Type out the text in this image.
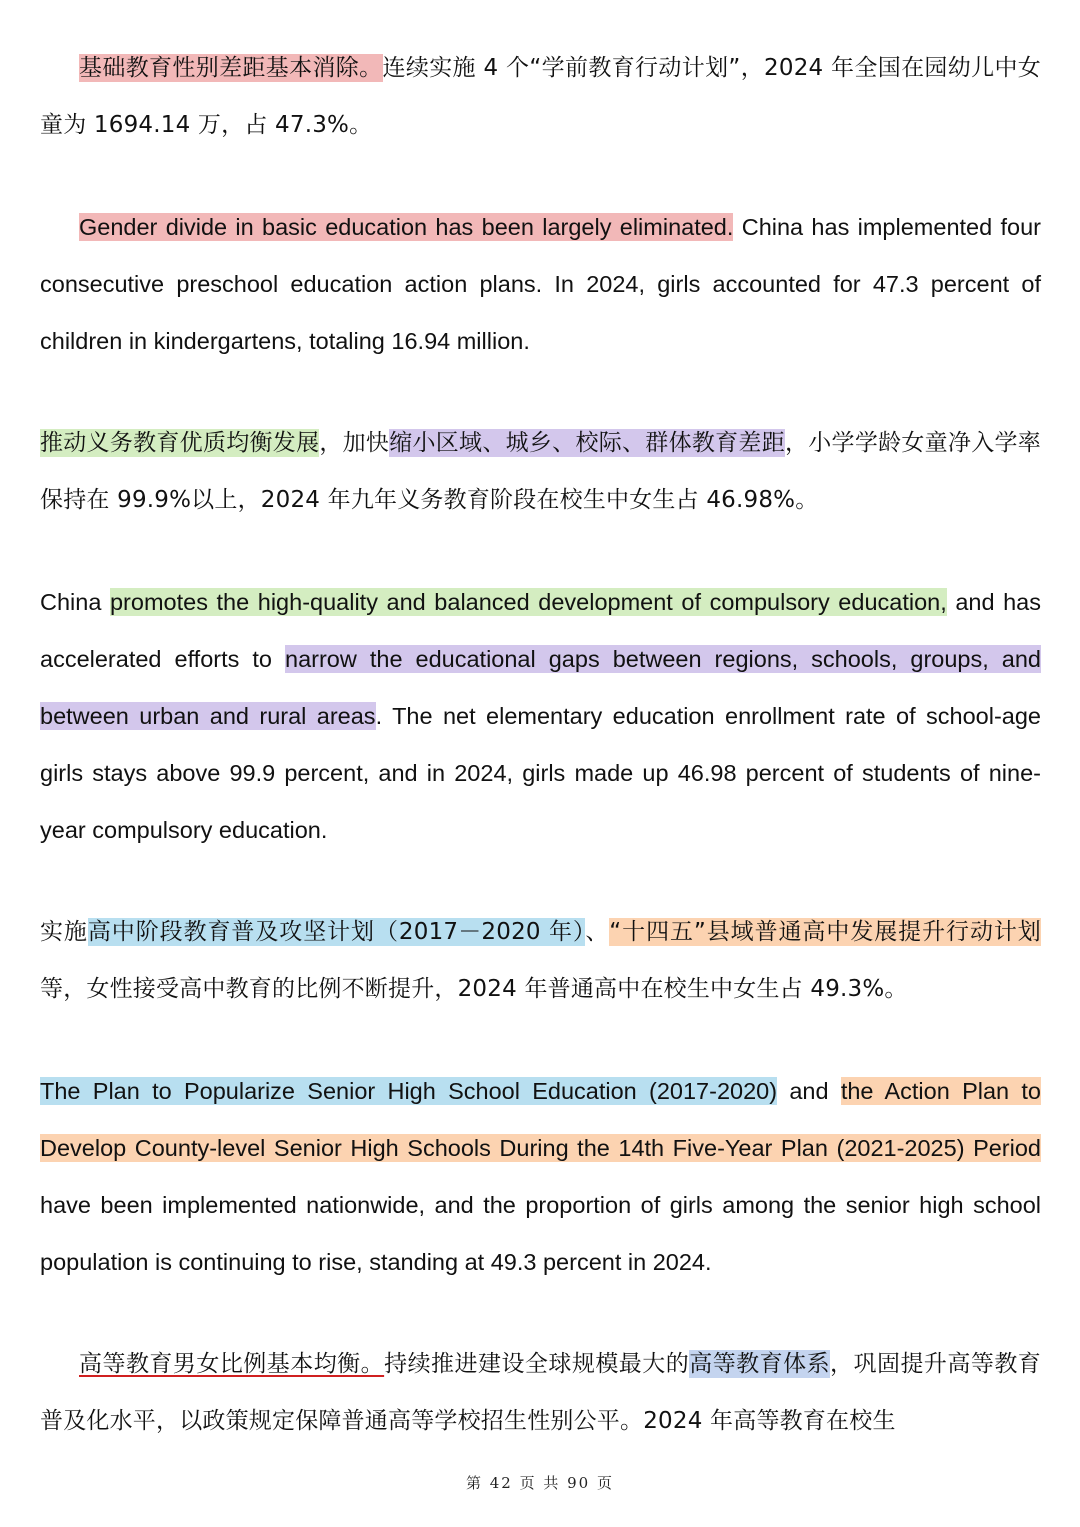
基础教育性别差距基本消除。连续实施 4 个“学前教育行动计划”，2024 年全国在园幼儿中女童为 1694.14 万，占 47.3%。

Gender divide in basic education has been largely eliminated. China has implemented four consecutive preschool education action plans. In 2024, girls accounted for 47.3 percent of children in kindergartens, totaling 16.94 million.

推动义务教育优质均衡发展，加快缩小区域、城乡、校际、群体教育差距，小学学龄女童净入学率保持在 99.9%以上，2024 年九年义务教育阶段在校生中女生占 46.98%。

China promotes the high-quality and balanced development of compulsory education, and has accelerated efforts to narrow the educational gaps between regions, schools, groups, and between urban and rural areas. The net elementary education enrollment rate of school-age girls stays above 99.9 percent, and in 2024, girls made up 46.98 percent of students of nine-year compulsory education.

实施高中阶段教育普及攻坚计划（2017－2020 年）、“十四五”县域普通高中发展提升行动计划等，女性接受高中教育的比例不断提升，2024 年普通高中在校生中女生占 49.3%。

The Plan to Popularize Senior High School Education (2017-2020) and the Action Plan to Develop County-level Senior High Schools During the 14th Five-Year Plan (2021-2025) Period have been implemented nationwide, and the proportion of girls among the senior high school population is continuing to rise, standing at 49.3 percent in 2024.

高等教育男女比例基本均衡。持续推进建设全球规模最大的高等教育体系，巩固提升高等教育普及化水平，以政策规定保障普通高等学校招生性别公平。2024 年高等教育在校生

第 42 页 共 90 页
